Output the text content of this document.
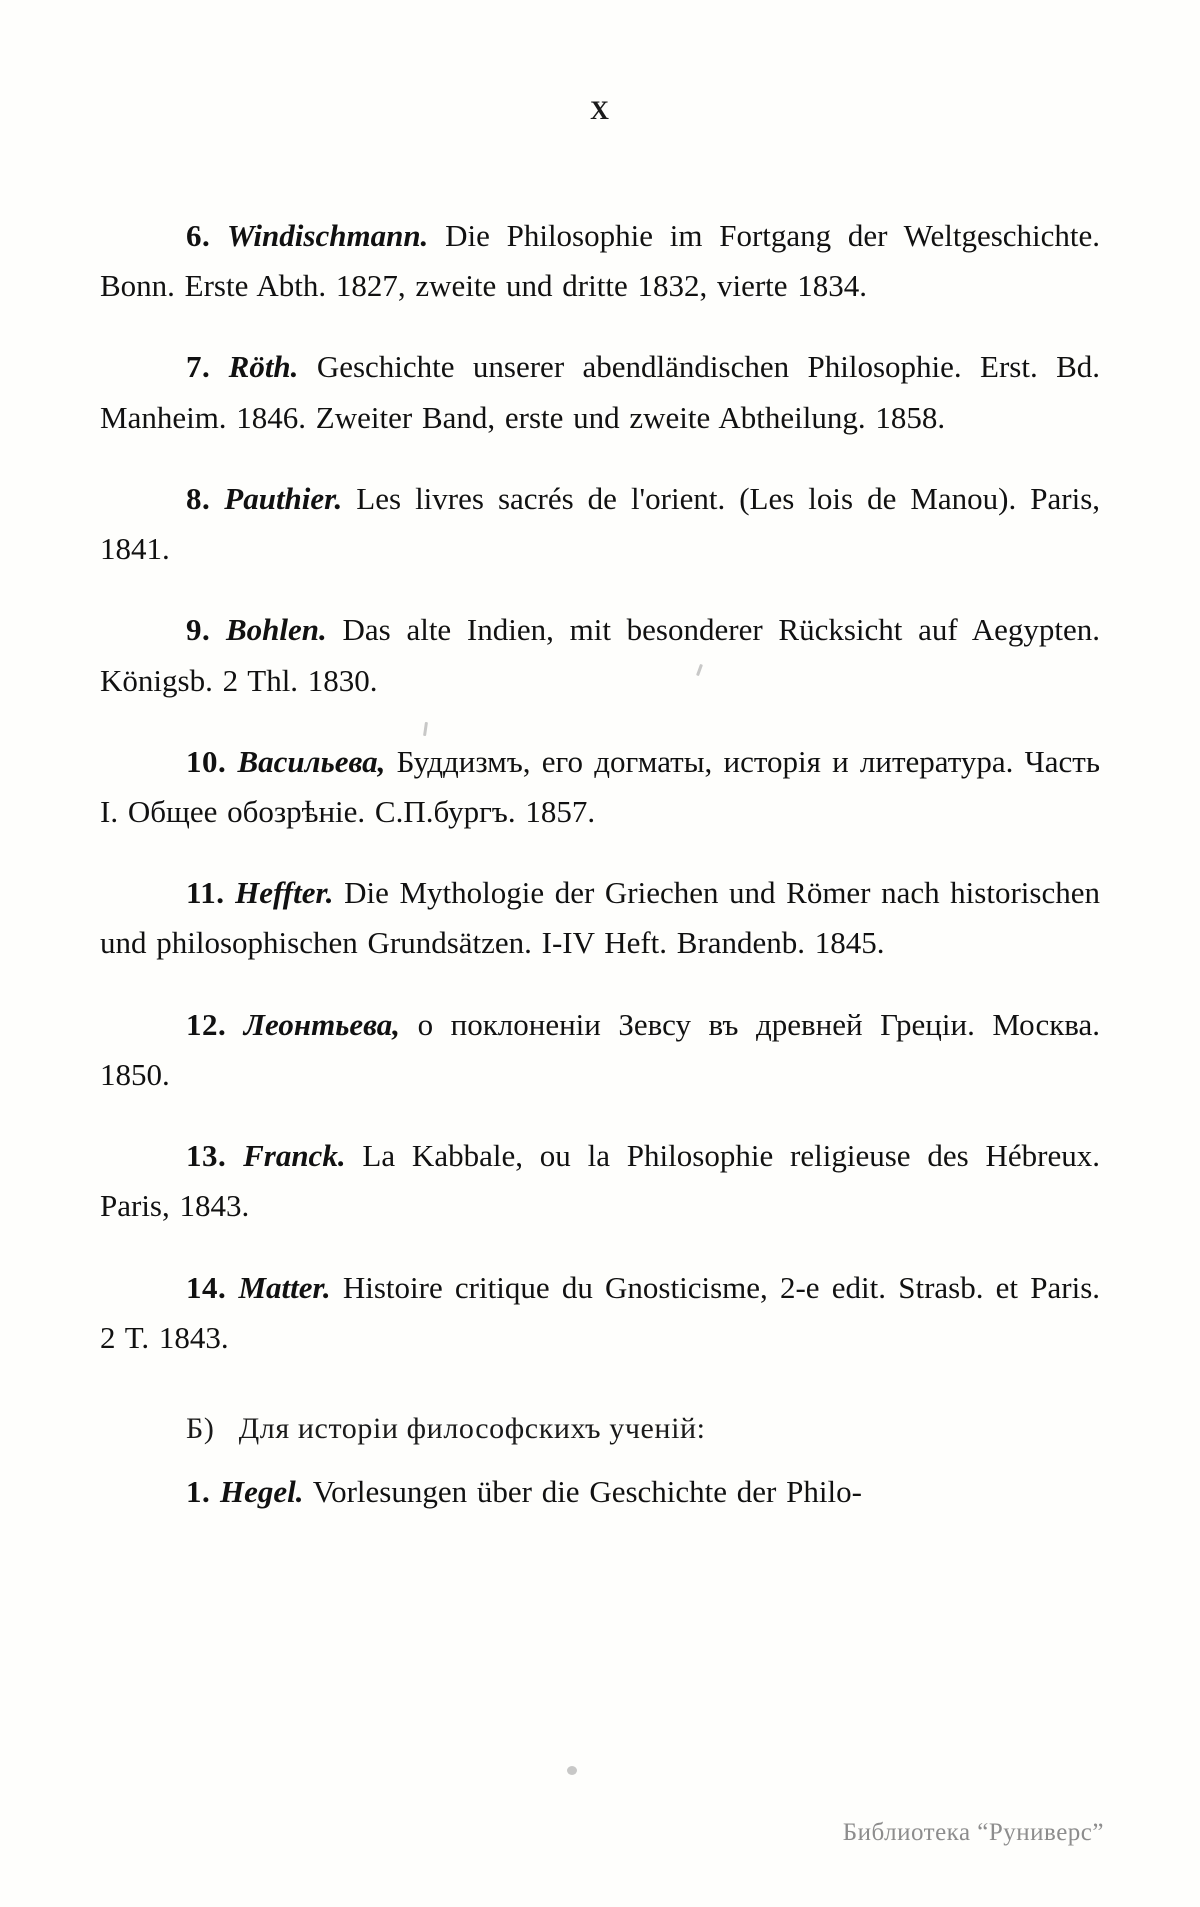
X

6. Windischmann. Die Philosophie im Fortgang der Weltgeschichte. Bonn. Erste Abth. 1827, zweite und dritte 1832, vierte 1834.

7. Röth. Geschichte unserer abendländischen Philosophie. Erst. Bd. Manheim. 1846. Zweiter Band, erste und zweite Abtheilung. 1858.

8. Pauthier. Les livres sacrés de l'orient. (Les lois de Manou). Paris, 1841.

9. Bohlen. Das alte Indien, mit besonderer Rücksicht auf Aegypten. Königsb. 2 Thl. 1830.

10. Васильева, Буддизмъ, его догматы, исторія и литература. Часть I. Общее обозрѣніе. С.П.бургъ. 1857.

11. Heffter. Die Mythologie der Griechen und Römer nach historischen und philosophischen Grundsätzen. I-IV Heft. Brandenb. 1845.

12. Леонтьева, о поклоненіи Зевсу въ древней Греціи. Москва. 1850.

13. Franck. La Kabbale, ou la Philosophie religieuse des Hébreux. Paris, 1843.

14. Matter. Histoire critique du Gnosticisme, 2-e edit. Strasb. et Paris. 2 T. 1843.

Б) Для исторіи философскихъ ученій:

1. Hegel. Vorlesungen über die Geschichte der Philo-

Библиотека “Руниверс”
